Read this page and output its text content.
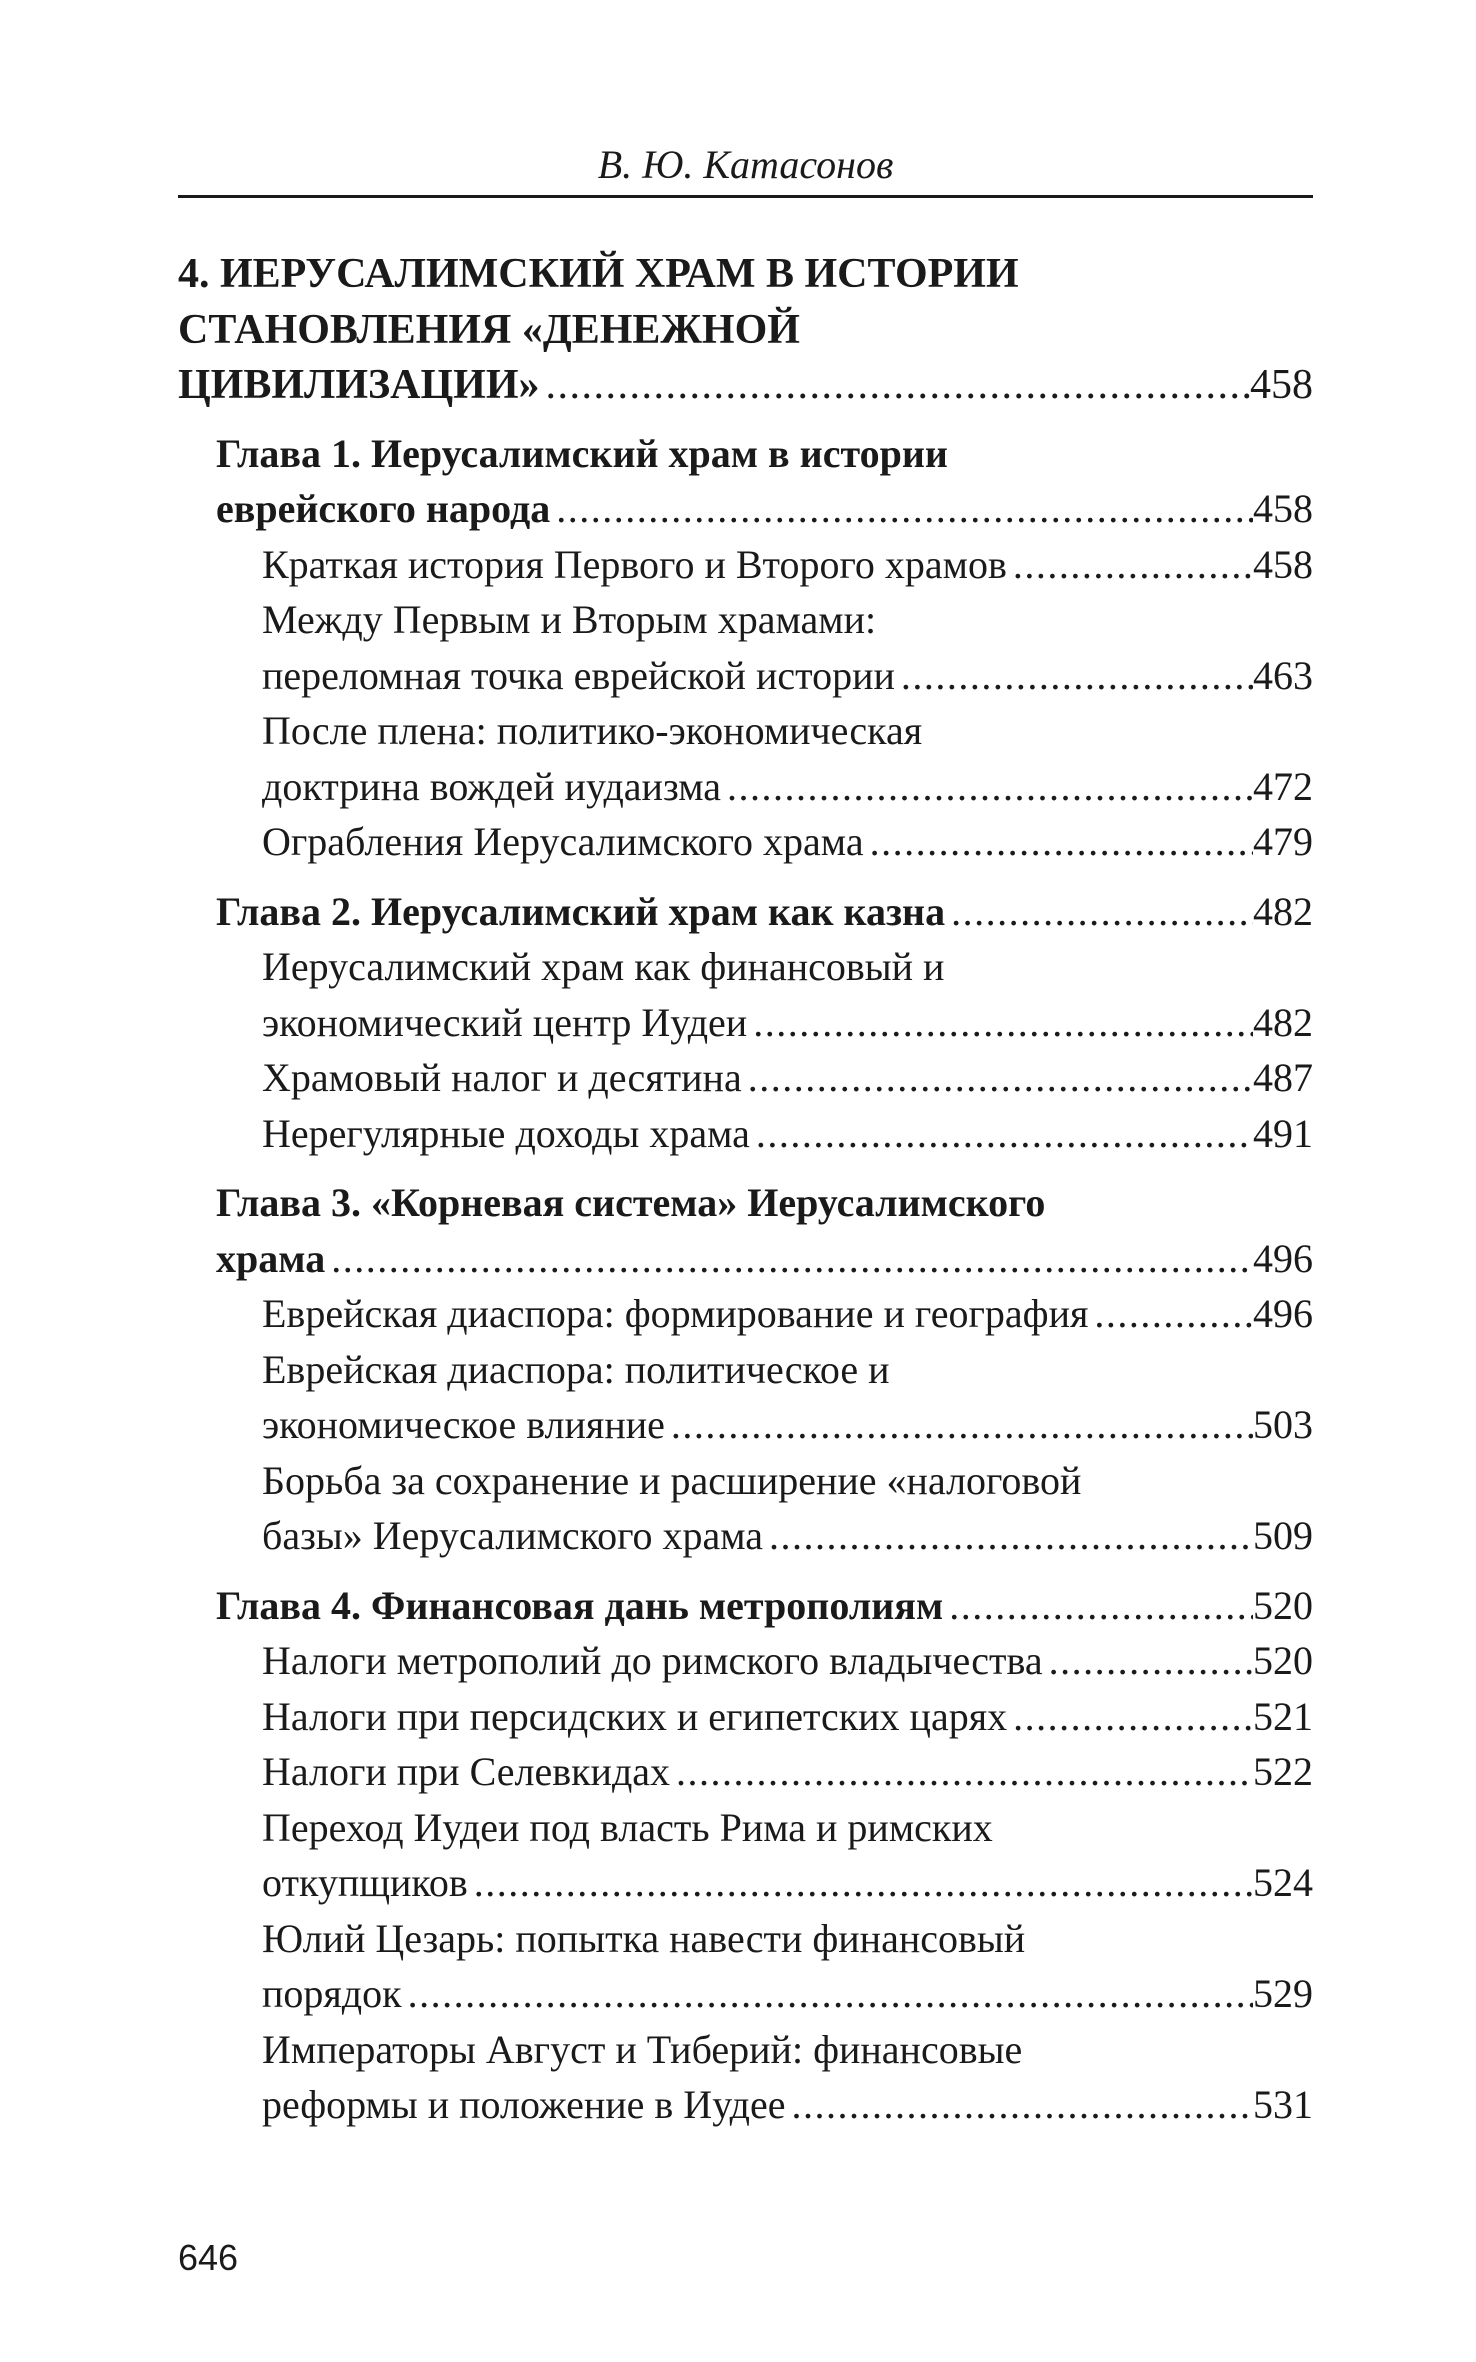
В. Ю. Катасонов
4. ИЕРУСАЛИМСКИЙ ХРАМ В ИСТОРИИ
СТАНОВЛЕНИЯ «ДЕНЕЖНОЙ
ЦИВИЛИЗАЦИИ» .....	458
Глава 1. Иерусалимский храм в истории
еврейского народа .....	458
Краткая история Первого и Второго храмов .....	458
Между Первым и Вторым храмами:
переломная точка еврейской истории .....	463
После плена: политико-экономическая
доктрина вождей иудаизма .....	472
Ограбления Иерусалимского храма .....	479
Глава 2. Иерусалимский храм как казна .....	482
Иерусалимский храм как финансовый и
экономический центр Иудеи .....	482
Храмовый налог и десятина .....	487
Нерегулярные доходы храма .....	491
Глава 3. «Корневая система» Иерусалимского
храма .....	496
Еврейская диаспора: формирование и география .....	496
Еврейская диаспора: политическое и
экономическое влияние .....	503
Борьба за сохранение и расширение «налоговой
базы» Иерусалимского храма .....	509
Глава 4. Финансовая дань метрополиям .....	520
Налоги метрополий до римского владычества .....	520
Налоги при персидских и египетских царях .....	521
Налоги при Селевкидах .....	522
Переход Иудеи под власть Рима и римских
откупщиков .....	524
Юлий Цезарь: попытка навести финансовый
порядок .....	529
Императоры Август и Тиберий: финансовые
реформы и положение в Иудее .....	531
646
